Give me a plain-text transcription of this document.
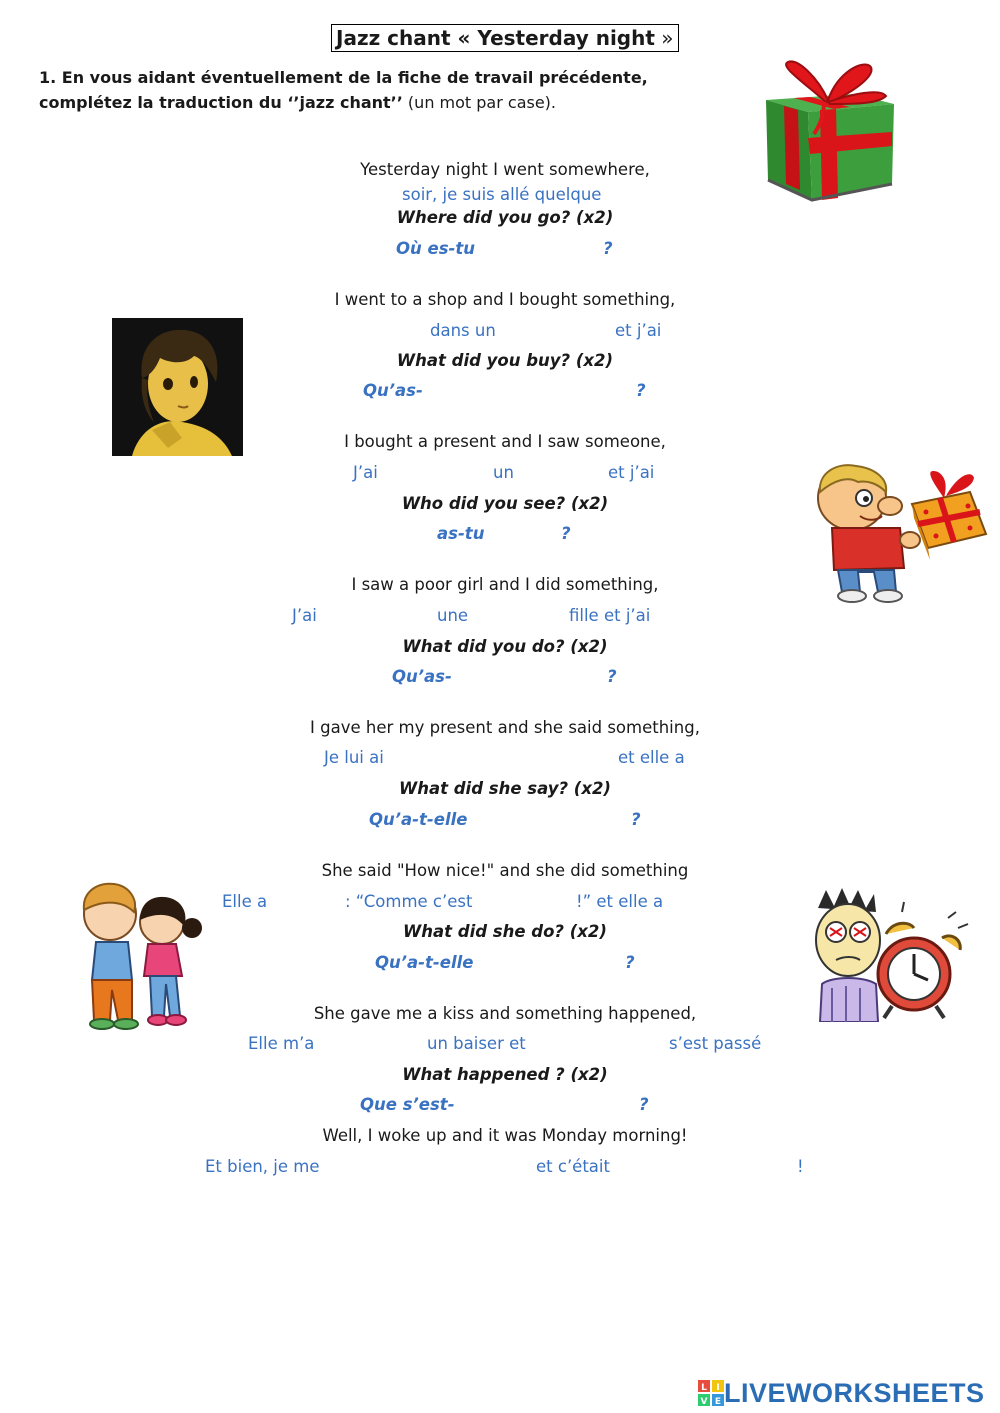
Jazz chant « Yesterday night »
1. En vous aidant éventuellement de la fiche de travail précédente, complétez la traduction du ‘’jazz chant’’ (un mot par case).
Yesterday night I went somewhere,
soir, je suis allé quelque
Where did you go? (x2)
Où es-tu	?
I went to a shop and I bought something,
dans un	et j’ai
What did you buy? (x2)
Qu’as-	?
I bought a present and I saw someone,
J’ai	un	et j’ai
Who did you see? (x2)
as-tu	?
I saw a poor girl and I did something,
J’ai	une	fille et j’ai
What did you do? (x2)
Qu’as-	?
I gave her my present and she said something,
Je lui ai	et elle a
What did she say? (x2)
Qu’a-t-elle	?
She said "How nice!" and she did something
Elle a	: “Comme c’est	!” et elle a
What did she do? (x2)
Qu’a-t-elle	?
She gave me a kiss and something happened,
Elle m’a	un baiser et	s’est passé
What happened ? (x2)
Que s’est-	?
Well, I woke up and it was Monday morning!
Et bien, je me	et c’était	!
L I
V E LIVEWORKSHEETS
